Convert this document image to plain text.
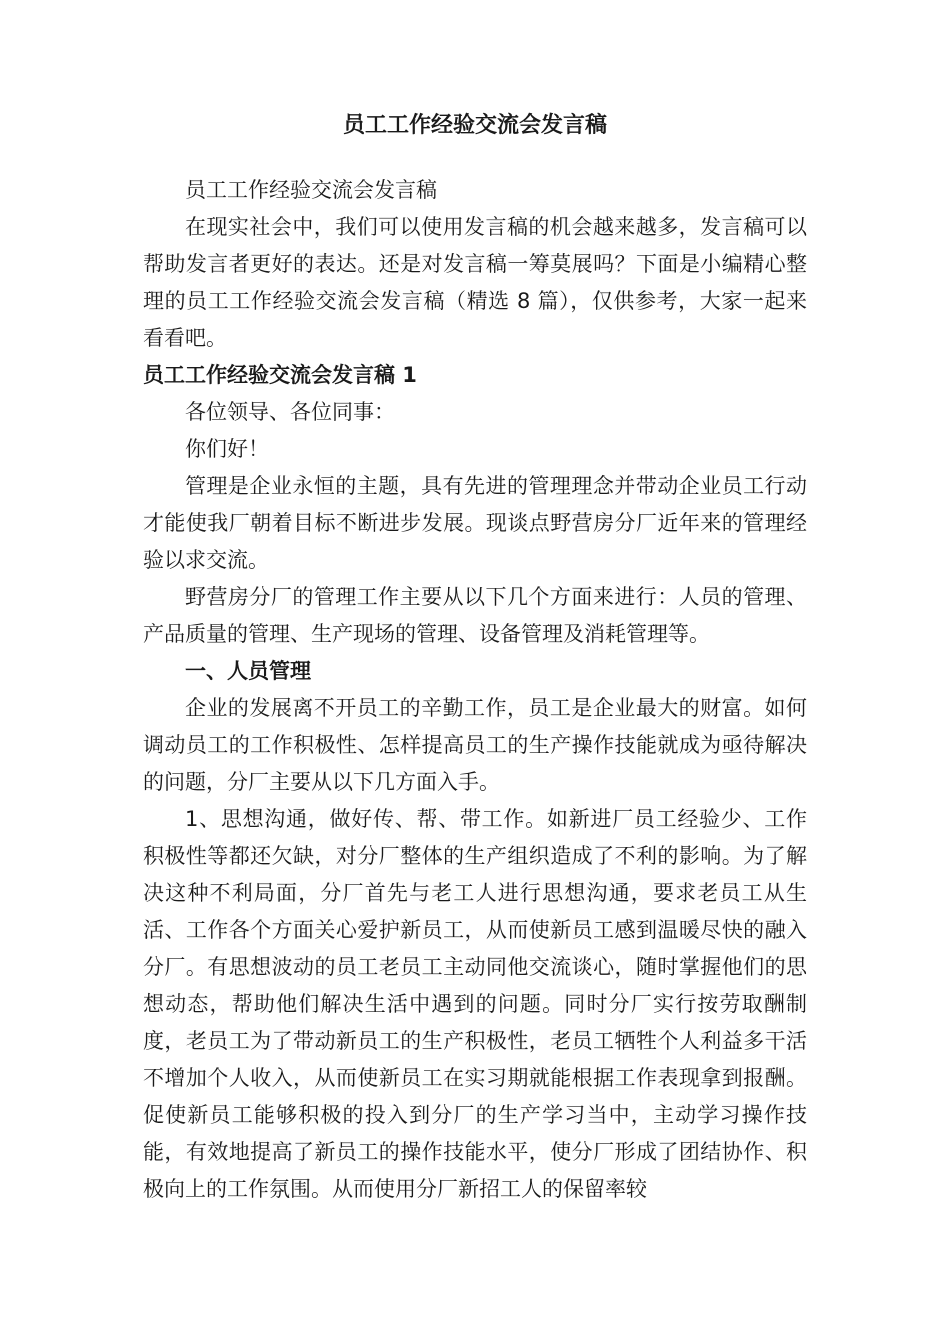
员工工作经验交流会发言稿

员工工作经验交流会发言稿

在现实社会中，我们可以使用发言稿的机会越来越多，发言稿可以帮助发言者更好的表达。还是对发言稿一筹莫展吗？下面是小编精心整理的员工工作经验交流会发言稿（精选 8 篇），仅供参考，大家一起来看看吧。

员工工作经验交流会发言稿 1

各位领导、各位同事：

你们好！

管理是企业永恒的主题，具有先进的管理理念并带动企业员工行动才能使我厂朝着目标不断进步发展。现谈点野营房分厂近年来的管理经验以求交流。

野营房分厂的管理工作主要从以下几个方面来进行：人员的管理、产品质量的管理、生产现场的管理、设备管理及消耗管理等。

一、人员管理

企业的发展离不开员工的辛勤工作，员工是企业最大的财富。如何调动员工的工作积极性、怎样提高员工的生产操作技能就成为亟待解决的问题，分厂主要从以下几方面入手。

1、思想沟通，做好传、帮、带工作。如新进厂员工经验少、工作积极性等都还欠缺，对分厂整体的生产组织造成了不利的影响。为了解决这种不利局面，分厂首先与老工人进行思想沟通，要求老员工从生活、工作各个方面关心爱护新员工，从而使新员工感到温暖尽快的融入分厂。有思想波动的员工老员工主动同他交流谈心，随时掌握他们的思想动态，帮助他们解决生活中遇到的问题。同时分厂实行按劳取酬制度，老员工为了带动新员工的生产积极性，老员工牺牲个人利益多干活不增加个人收入，从而使新员工在实习期就能根据工作表现拿到报酬。促使新员工能够积极的投入到分厂的生产学习当中，主动学习操作技能，有效地提高了新员工的操作技能水平，使分厂形成了团结协作、积极向上的工作氛围。从而使用分厂新招工人的保留率较
